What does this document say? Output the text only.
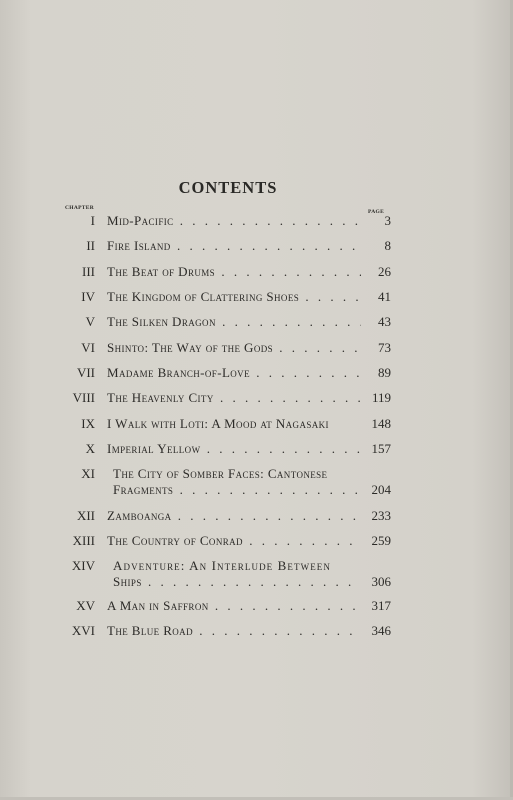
CONTENTS
CHAPTER
PAGE
I Mid-Pacific . . .	3
II Fire Island . . .	8
III The Beat of Drums . . .	26
IV The Kingdom of Clattering Shoes . . .	41
V The Silken Dragon . . .	43
VI Shinto: The Way of the Gods . . .	73
VII Madame Branch-of-Love . . .	89
VIII The Heavenly City . . .	119
IX I Walk with Loti: A Mood at Nagasaki	148
X Imperial Yellow . . .	157
XI The City of Somber Faces: Cantonese
Fragments . . .	204
XII Zamboanga . . .	233
XIII The Country of Conrad . . .	259
XIV Adventure: An Interlude Between
Ships . . .	306
XV A Man in Saffron . . .	317
XVI The Blue Road . . .	346
